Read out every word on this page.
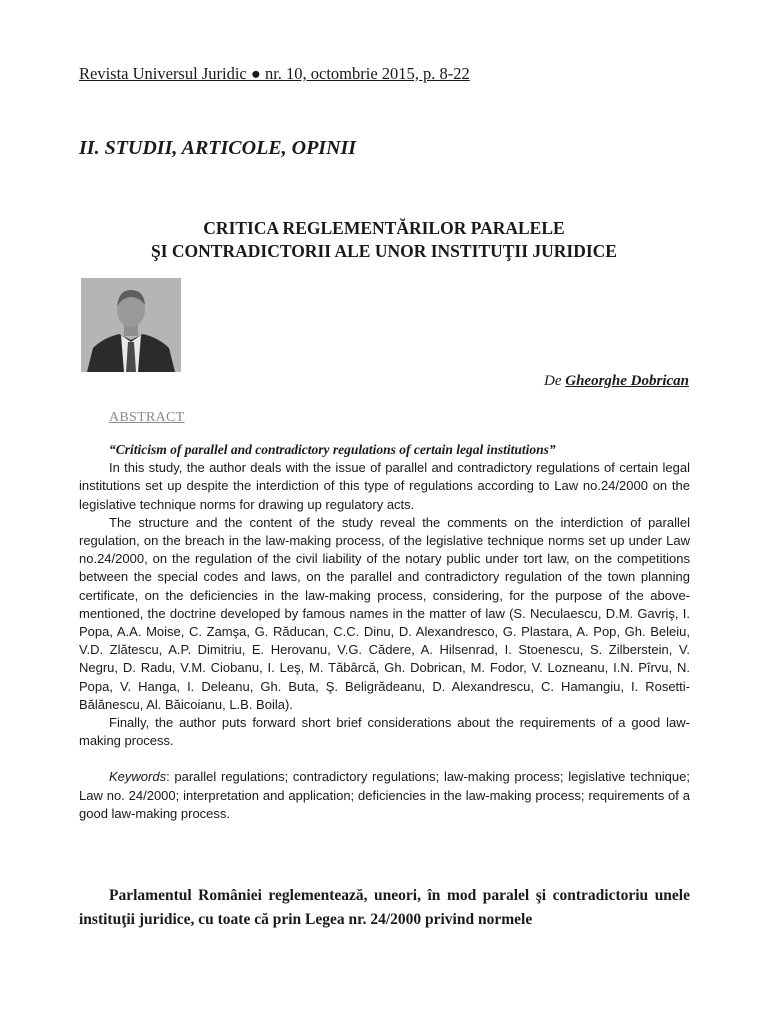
Revista Universul Juridic ● nr. 10, octombrie 2015, p. 8-22
II. STUDII, ARTICOLE, OPINII
CRITICA REGLEMENTĂRILOR PARALELE
ŞI CONTRADICTORII ALE UNOR INSTITUŢII JURIDICE
De Gheorghe Dobrican
ABSTRACT

“Criticism of parallel and contradictory regulations of certain legal institutions”

In this study, the author deals with the issue of parallel and contradictory regulations of certain legal institutions set up despite the interdiction of this type of regulations according to Law no.24/2000 on the legislative technique norms for drawing up regulatory acts.

The structure and the content of the study reveal the comments on the interdiction of parallel regulation, on the breach in the law-making process, of the legislative technique norms set up under Law no.24/2000, on the regulation of the civil liability of the notary public under tort law, on the competitions between the special codes and laws, on the parallel and contradictory regulation of the town planning certificate, on the deficiencies in the law-making process, considering, for the purpose of the above-mentioned, the doctrine developed by famous names in the matter of law (S. Neculaescu, D.M. Gavriş, I. Popa, A.A. Moise, C. Zamşa, G. Răducan, C.C. Dinu, D. Alexandresco, G. Plastara, A. Pop, Gh. Beleiu, V.D. Zlătescu, A.P. Dimitriu, E. Herovanu, V.G. Cădere, A. Hilsenrad, I. Stoenescu, S. Zilberstein, V. Negru, D. Radu, V.M. Ciobanu, I. Leş, M. Tăbârcă, Gh. Dobrican, M. Fodor, V. Lozneanu, I.N. Pîrvu, N. Popa, V. Hanga, I. Deleanu, Gh. Buta, Ş. Beligrădeanu, D. Alexandrescu, C. Hamangiu, I. Rosetti-Bălănescu, Al. Băicoianu, L.B. Boila).

Finally, the author puts forward short brief considerations about the requirements of a good law-making process.

Keywords: parallel regulations; contradictory regulations; law-making process; legislative technique; Law no. 24/2000; interpretation and application; deficiencies in the law-making process; requirements of a good law-making process.

Parlamentul României reglementează, uneori, în mod paralel şi contradictoriu unele instituţii juridice, cu toate că prin Legea nr. 24/2000 privind normele
